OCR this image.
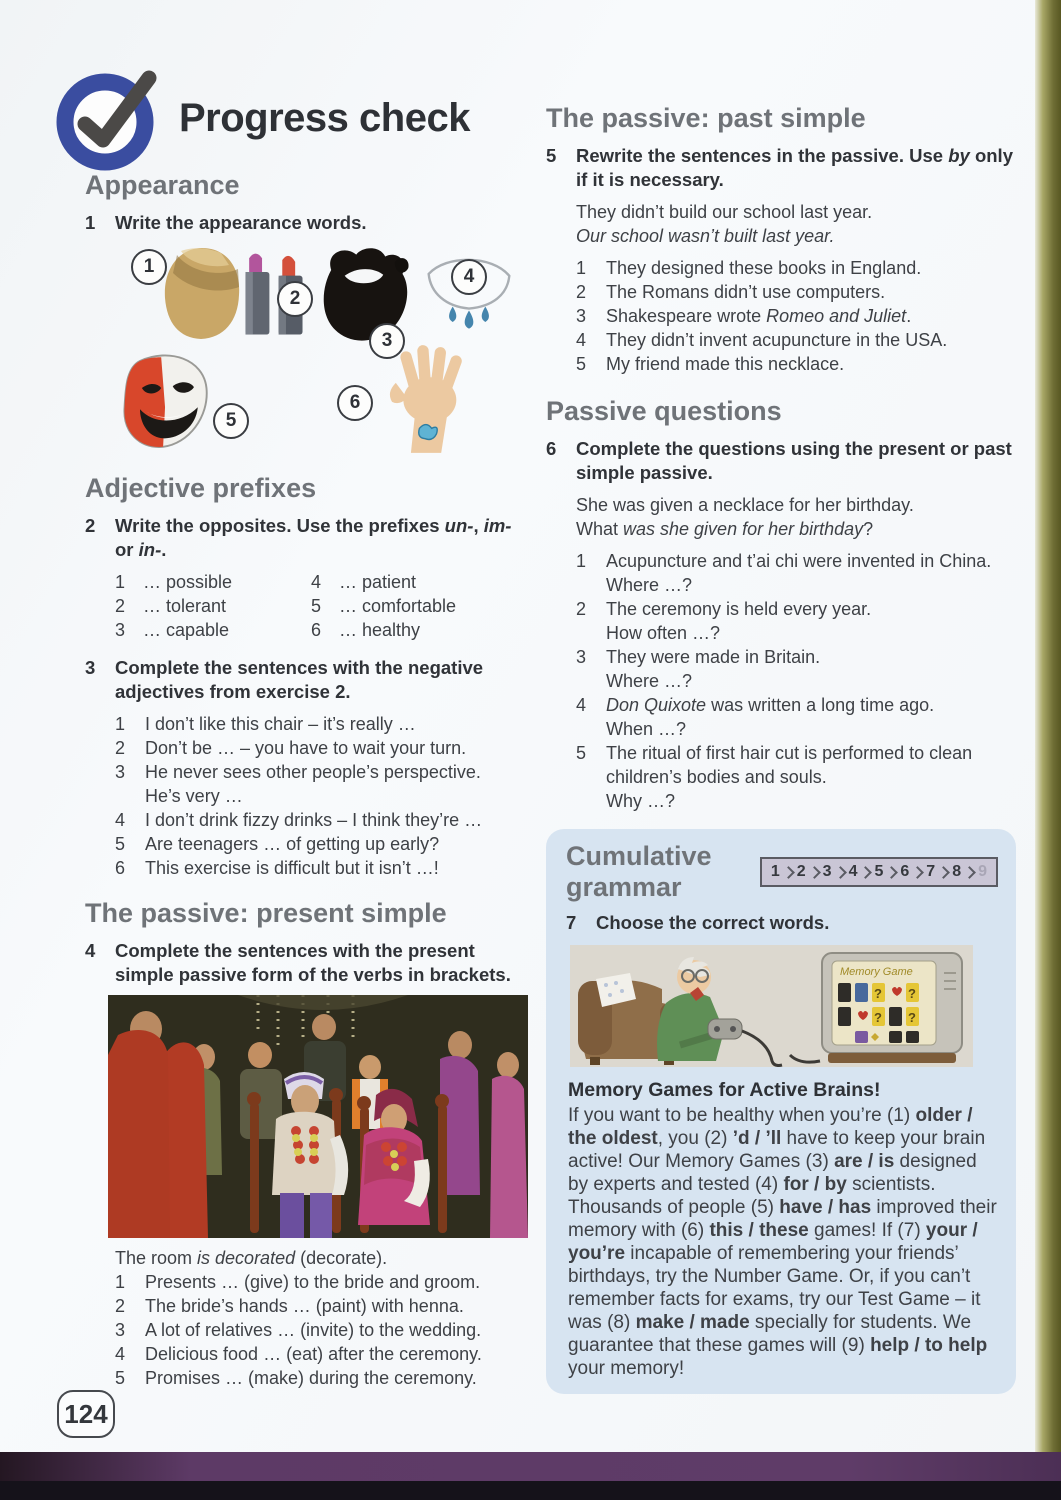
Progress check
Appearance
1	Write the appearance words.
1
2
3
4
5
6
Adjective prefixes
2	Write the opposites. Use the prefixes un-, im- or in-.
1 … possible
2 … tolerant
3 … capable
4 … patient
5 … comfortable
6 … healthy
3	Complete the sentences with the negative adjectives from exercise 2.
1	I don’t like this chair – it’s really …
2	Don’t be … – you have to wait your turn.
3	He never sees other people’s perspective.
He’s very …
4	I don’t drink fizzy drinks – I think they’re …
5	Are teenagers … of getting up early?
6	This exercise is difficult but it isn’t …!
The passive: present simple
4	Complete the sentences with the present simple passive form of the verbs in brackets.
The room is decorated (decorate).
1	Presents … (give) to the bride and groom.
2	The bride’s hands … (paint) with henna.
3	A lot of relatives … (invite) to the wedding.
4	Delicious food … (eat) after the ceremony.
5	Promises … (make) during the ceremony.
The passive: past simple
5	Rewrite the sentences in the passive. Use by only if it is necessary.
They didn’t build our school last year.
Our school wasn’t built last year.
1	They designed these books in England.
2	The Romans didn’t use computers.
3	Shakespeare wrote Romeo and Juliet.
4	They didn’t invent acupuncture in the USA.
5	My friend made this necklace.
Passive questions
6	Complete the questions using the present or past simple passive.
She was given a necklace for her birthday.
What was she given for her birthday?
1	Acupuncture and t’ai chi were invented in China.
Where …?
2	The ceremony is held every year.
How often …?
3	They were made in Britain.
Where …?
4	Don Quixote was written a long time ago.
When …?
5	The ritual of first hair cut is performed to clean children’s bodies and souls.
Why …?
Cumulative grammar
1 2 3 4 5 6 7 8 9
7	Choose the correct words.
Memory Game
? ?
? ?
Memory Games for Active Brains!
If you want to be healthy when you’re (1) older / the oldest, you (2) ’d / ’ll have to keep your brain active! Our Memory Games (3) are / is designed by experts and tested (4) for / by scientists. Thousands of people (5) have / has improved their memory with (6) this / these games! If (7) your / you’re incapable of remembering your friends’ birthdays, try the Number Game. Or, if you can’t remember facts for exams, try our Test Game – it was (8) make / made specially for students. We guarantee that these games will (9) help / to help your memory!
124
